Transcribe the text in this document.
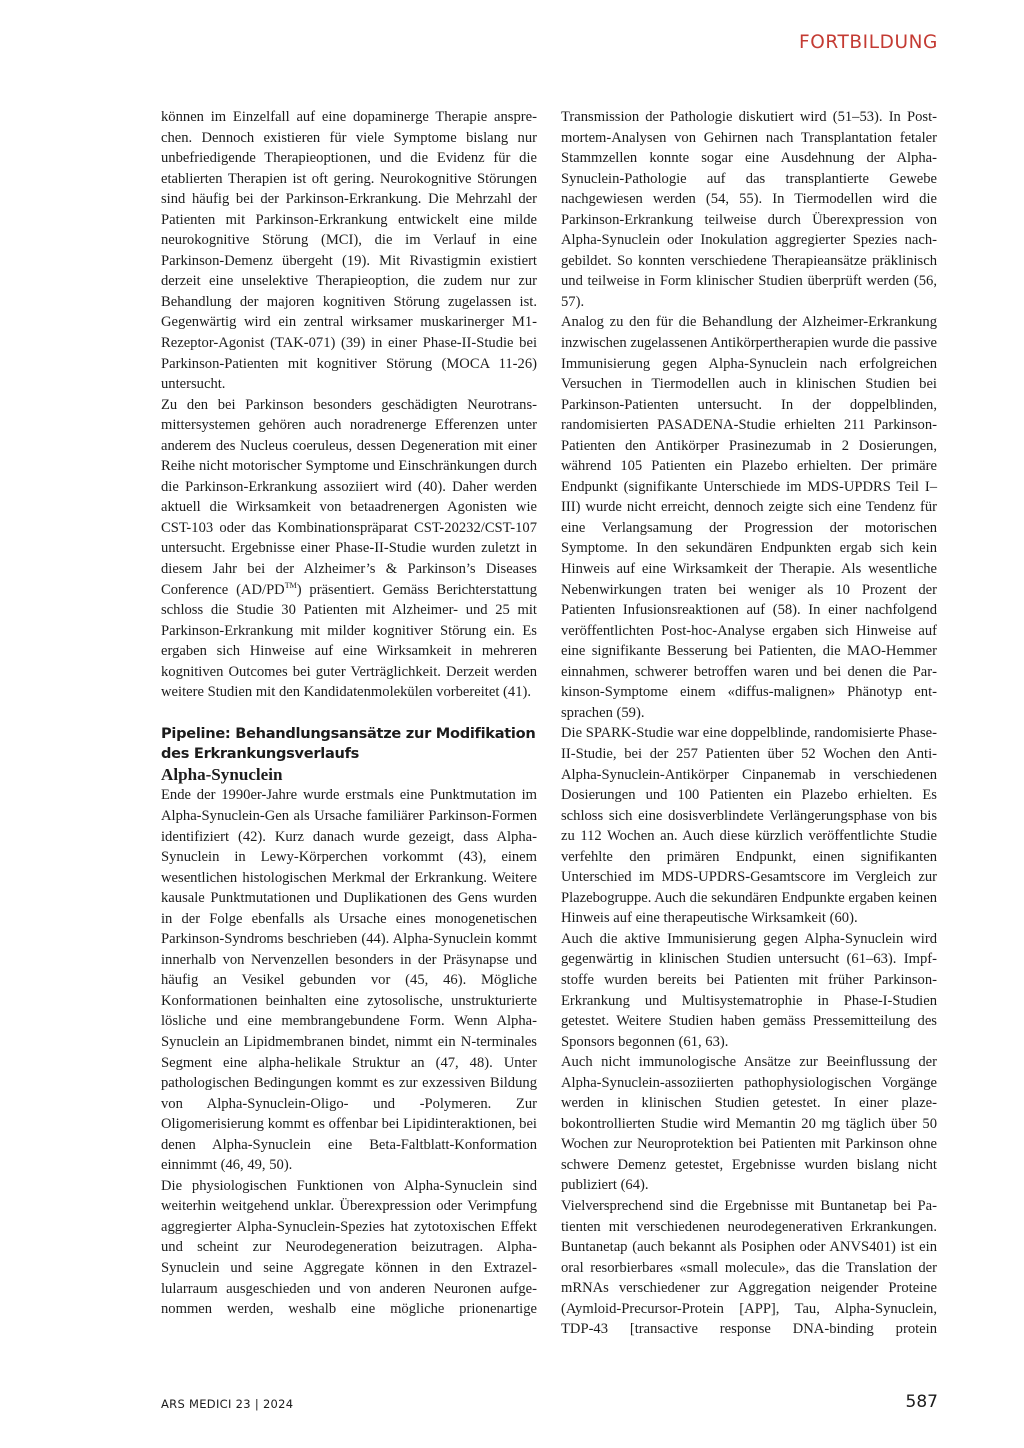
FORTBILDUNG

können im Einzelfall auf eine dopaminerge Therapie ansprechen. Dennoch existieren für viele Symptome bislang nur unbefriedigende Therapieoptionen, und die Evidenz für die etablierten Therapien ist oft gering. Neurokognitive Störungen sind häufig bei der Parkinson-Erkrankung. Die Mehrzahl der Patienten mit Parkinson-Erkrankung entwickelt eine milde neurokognitive Störung (MCI), die im Verlauf in eine Parkinson-Demenz übergeht (19). Mit Rivastigmin existiert derzeit eine unselektive Therapieoption, die zudem nur zur Behandlung der majoren kognitiven Störung zugelassen ist. Gegenwärtig wird ein zentral wirksamer muskarinerger M1-Rezeptor-Agonist (TAK-071) (39) in einer Phase-II-Studie bei Parkinson-Patienten mit kognitiver Störung (MOCA 11-26) untersucht.

Zu den bei Parkinson besonders geschädigten Neurotransmittersystemen gehören auch noradrenerge Efferenzen unter anderem des Nucleus coeruleus, dessen Degeneration mit einer Reihe nicht motorischer Symptome und Einschränkungen durch die Parkinson-Erkrankung assoziiert wird (40). Daher werden aktuell die Wirksamkeit von betaadrenergen Agonisten wie CST-103 oder das Kombinationspräparat CST-20232/CST-107 untersucht. Ergebnisse einer Phase-II-Studie wurden zuletzt in diesem Jahr bei der Alzheimer’s & Parkinson’s Diseases Conference (AD/PD™) präsentiert. Gemäss Berichterstattung schloss die Studie 30 Patienten mit Alzheimer- und 25 mit Parkinson-Erkrankung mit milder kognitiver Störung ein. Es ergaben sich Hinweise auf eine Wirksamkeit in mehreren kognitiven Outcomes bei guter Verträglichkeit. Derzeit werden weitere Studien mit den Kandidatenmolekülen vorbereitet (41).

Pipeline: Behandlungsansätze zur Modifikation des Erkrankungsverlaufs
Alpha-Synuclein

Ende der 1990er-Jahre wurde erstmals eine Punktmutation im Alpha-Synuclein-Gen als Ursache familiärer Parkinson-Formen identifiziert (42). Kurz danach wurde gezeigt, dass Alpha-Synuclein in Lewy-Körperchen vorkommt (43), einem wesentlichen histologischen Merkmal der Erkrankung. Weitere kausale Punktmutationen und Duplikationen des Gens wurden in der Folge ebenfalls als Ursache eines monogenetischen Parkinson-Syndroms beschrieben (44). Alpha-Synuclein kommt innerhalb von Nervenzellen besonders in der Präsynapse und häufig an Vesikel gebunden vor (45, 46). Mögliche Konformationen beinhalten eine zytosolische, unstrukturierte lösliche und eine membrangebundene Form. Wenn Alpha-Synuclein an Lipidmembranen bindet, nimmt ein N-terminales Segment eine alpha-helikale Struktur an (47, 48). Unter pathologischen Bedingungen kommt es zur exzessiven Bildung von Alpha-Synuclein-Oligo- und -Polymeren. Zur Oligomerisierung kommt es offenbar bei Lipidinteraktionen, bei denen Alpha-Synuclein eine Beta-Faltblatt-Konformation einnimmt (46, 49, 50).

Die physiologischen Funktionen von Alpha-Synuclein sind weiterhin weitgehend unklar. Überexpression oder Verimpfung aggregierter Alpha-Synuclein-Spezies hat zytotoxischen Effekt und scheint zur Neurodegeneration beizutragen. Alpha-Synuclein und seine Aggregate können in den Extrazellularraum ausgeschieden und von anderen Neuronen aufgenommen werden, weshalb eine mögliche prionenartige

Transmission der Pathologie diskutiert wird (51–53). In Post-mortem-Analysen von Gehirnen nach Transplantation fetaler Stammzellen konnte sogar eine Ausdehnung der Alpha-Synuclein-Pathologie auf das transplantierte Gewebe nachgewiesen werden (54, 55). In Tiermodellen wird die Parkinson-Erkrankung teilweise durch Überexpression von Alpha-Synuclein oder Inokulation aggregierter Spezies nachgebildet. So konnten verschiedene Therapieansätze präklinisch und teilweise in Form klinischer Studien überprüft werden (56, 57).

Analog zu den für die Behandlung der Alzheimer-Erkrankung inzwischen zugelassenen Antikörpertherapien wurde die passive Immunisierung gegen Alpha-Synuclein nach erfolgreichen Versuchen in Tiermodellen auch in klinischen Studien bei Parkinson-Patienten untersucht. In der doppelblinden, randomisierten PASADENA-Studie erhielten 211 Parkinson-Patienten den Antikörper Prasinezumab in 2 Dosierungen, während 105 Patienten ein Plazebo erhielten. Der primäre Endpunkt (signifikante Unterschiede im MDS-UPDRS Teil I–III) wurde nicht erreicht, dennoch zeigte sich eine Tendenz für eine Verlangsamung der Progression der motorischen Symptome. In den sekundären Endpunkten ergab sich kein Hinweis auf eine Wirksamkeit der Therapie. Als wesentliche Nebenwirkungen traten bei weniger als 10 Prozent der Patienten Infusionsreaktionen auf (58). In einer nachfolgend veröffentlichten Post-hoc-Analyse ergaben sich Hinweise auf eine signifikante Besserung bei Patienten, die MAO-Hemmer einnahmen, schwerer betroffen waren und bei denen die Parkinson-Symptome einem «diffus-malignen» Phänotyp entsprachen (59).

Die SPARK-Studie war eine doppelblinde, randomisierte Phase-II-Studie, bei der 257 Patienten über 52 Wochen den Anti-Alpha-Synuclein-Antikörper Cinpanemab in verschiedenen Dosierungen und 100 Patienten ein Plazebo erhielten. Es schloss sich eine dosisverblindete Verlängerungsphase von bis zu 112 Wochen an. Auch diese kürzlich veröffentlichte Studie verfehlte den primären Endpunkt, einen signifikanten Unterschied im MDS-UPDRS-Gesamtscore im Vergleich zur Plazebogruppe. Auch die sekundären Endpunkte ergaben keinen Hinweis auf eine therapeutische Wirksamkeit (60).

Auch die aktive Immunisierung gegen Alpha-Synuclein wird gegenwärtig in klinischen Studien untersucht (61–63). Impfstoffe wurden bereits bei Patienten mit früher Parkinson-Erkrankung und Multisystematrophie in Phase-I-Studien getestet. Weitere Studien haben gemäss Pressemitteilung des Sponsors begonnen (61, 63).

Auch nicht immunologische Ansätze zur Beeinflussung der Alpha-Synuclein-assoziierten pathophysiologischen Vorgänge werden in klinischen Studien getestet. In einer plazebokontrollierten Studie wird Memantin 20 mg täglich über 50 Wochen zur Neuroprotektion bei Patienten mit Parkinson ohne schwere Demenz getestet, Ergebnisse wurden bislang nicht publiziert (64).

Vielversprechend sind die Ergebnisse mit Buntanetap bei Patienten mit verschiedenen neurodegenerativen Erkrankungen. Buntanetap (auch bekannt als Posiphen oder ANVS401) ist ein oral resorbierbares «small molecule», das die Translation der mRNAs verschiedener zur Aggregation neigender Proteine (Aymloid-Precursor-Protein [APP], Tau, Alpha-Synuclein, TDP-43 [transactive response DNA-binding protein

ARS MEDICI 23 | 2024	587
